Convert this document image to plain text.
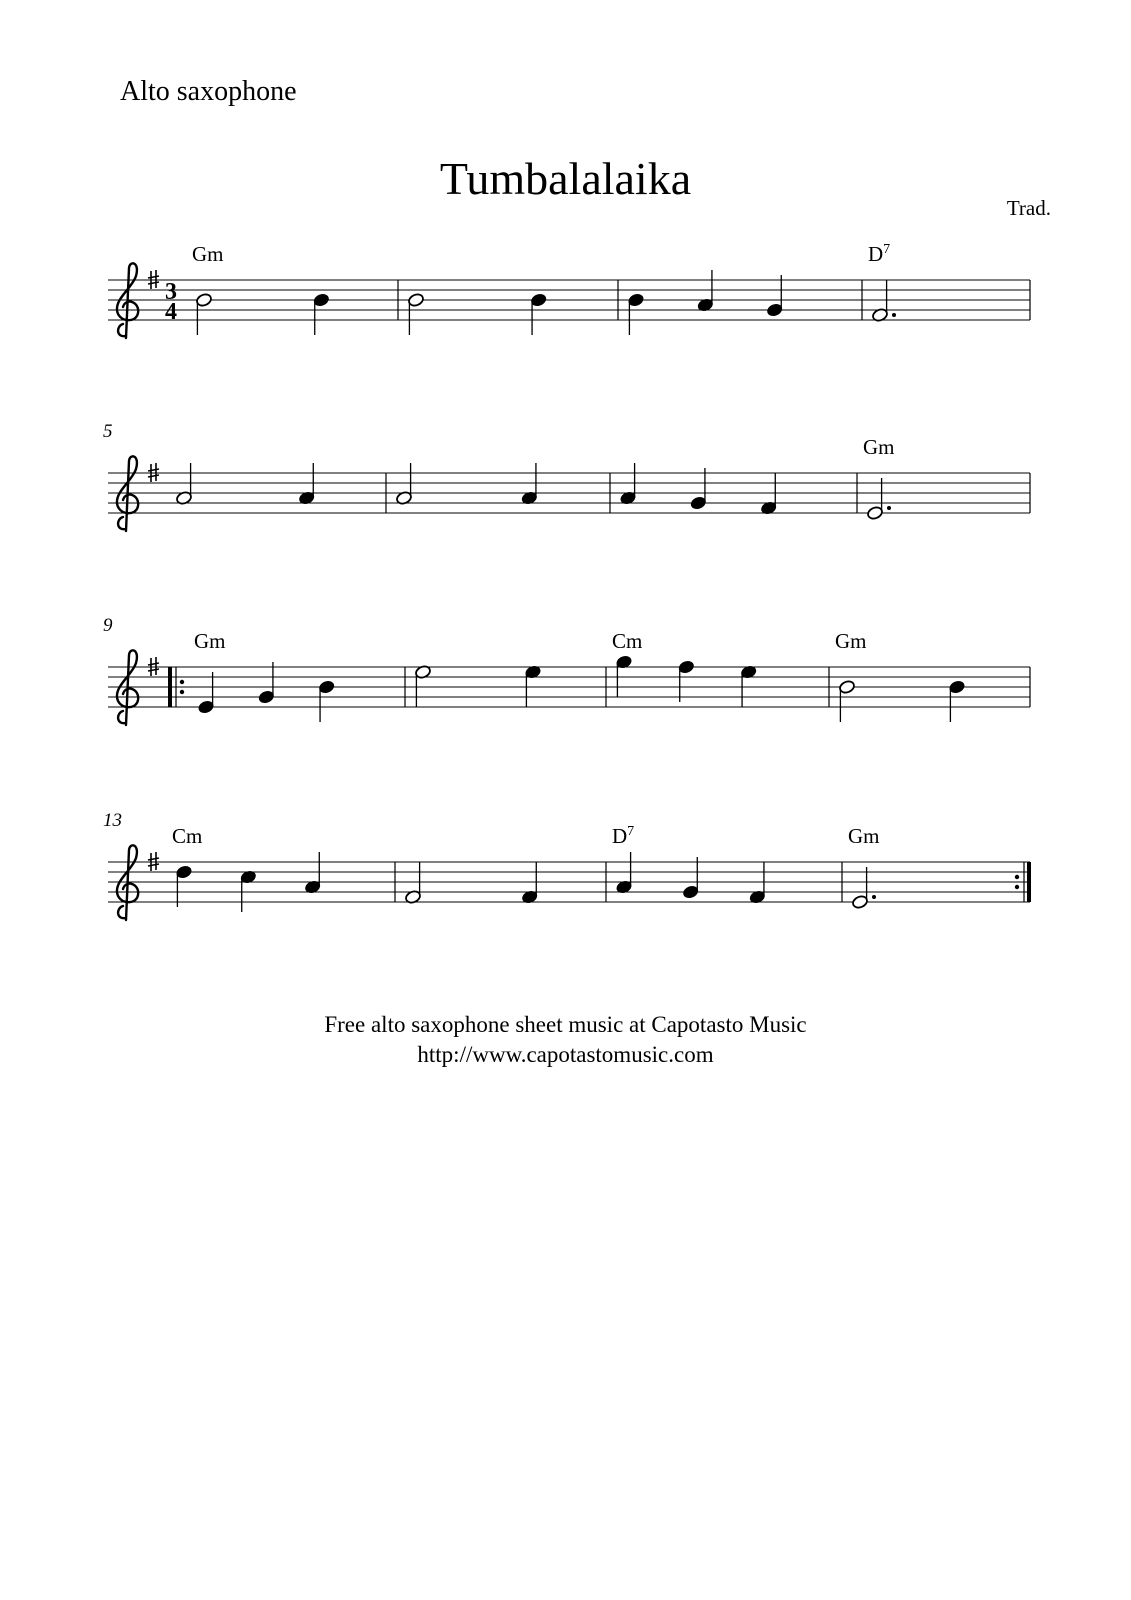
Alto saxophone
Tumbalalaika
Trad.
3
4
Gm	$D^7$
5
Gm
9
Gm	Cm	Gm
13
Cm	$D^7$	Gm
Free alto saxophone sheet music at Capotasto Music
http://www.capotastomusic.com
